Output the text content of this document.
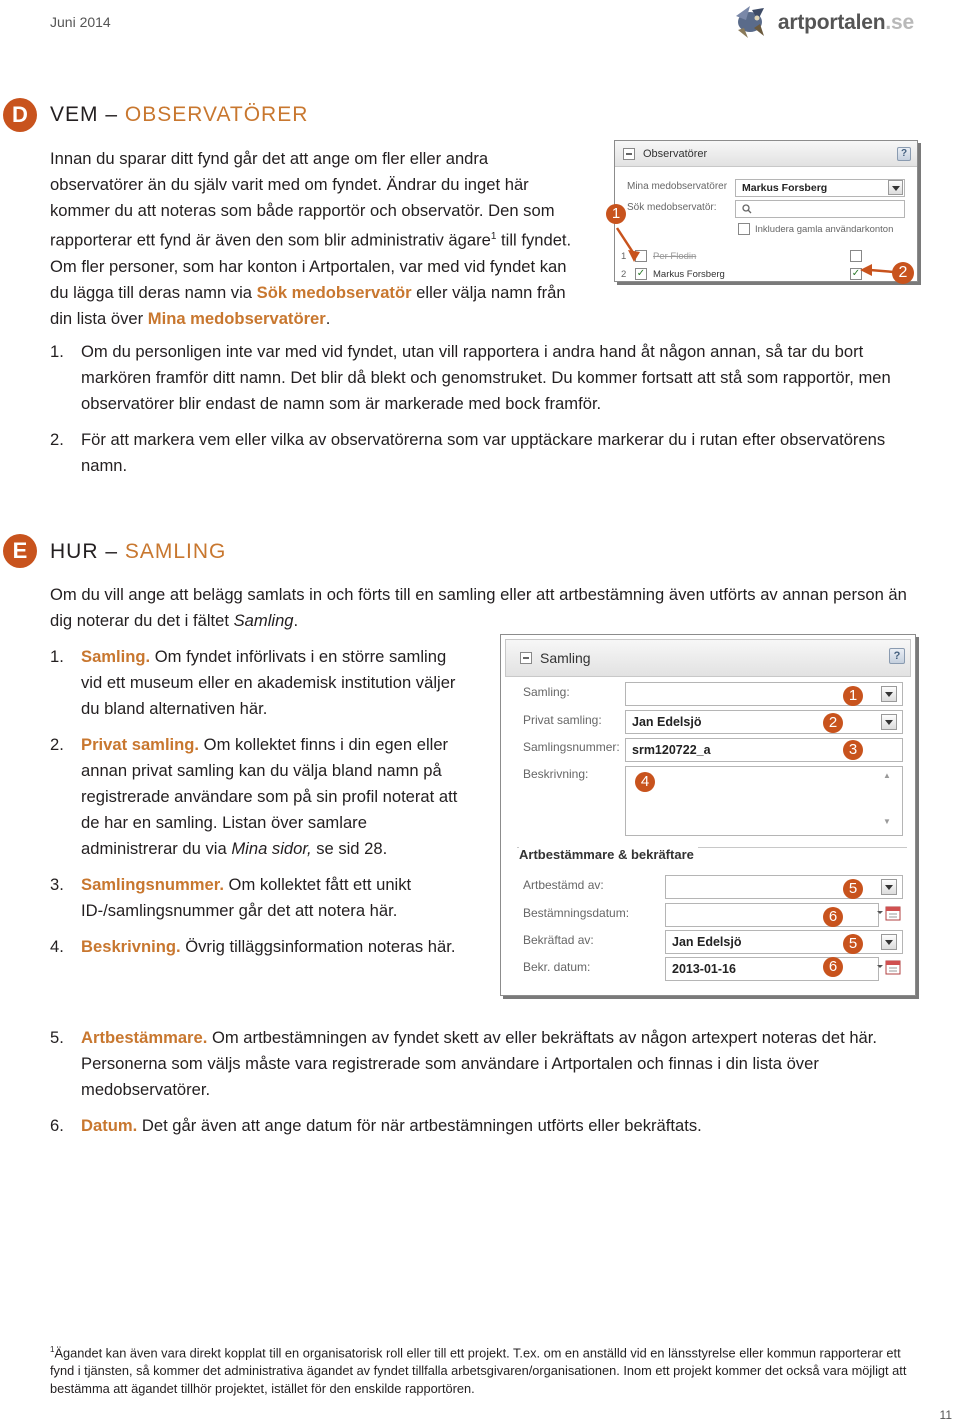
Juni 2014	artportalen.se
D	VEM – OBSERVATÖRER
Innan du sparar ditt fynd går det att ange om fler eller andra observatörer än du själv varit med om fyndet. Ändrar du inget här kommer du att noteras som både rapportör och observatör. Den som rapporterar ett fynd är även den som blir administrativ ägare$^1$ till fyndet. Om fler personer, som har konton i Artportalen, var med vid fyndet kan du lägga till deras namn via Sök medobservatör eller välja namn från din lista över Mina medobservatörer.
Observatörer	?
Mina medobservatörer Markus Forsberg
Sök medobservatör:
Inkludera gamla användarkonton
1	Per Flodin
2 ✓ Markus Forsberg	✓
1
2
1.	Om du personligen inte var med vid fyndet, utan vill rapportera i andra hand åt någon annan, så tar du bort markören framför ditt namn. Det blir då blekt och genomstruket. Du kommer fortsatt att stå som rapportör, men observatörer blir endast de namn som är markerade med bock framför.
2.	För att markera vem eller vilka av observatörerna som var upptäckare markerar du i rutan efter observatörens namn.
E	HUR – SAMLING
Om du vill ange att belägg samlats in och förts till en samling eller att artbestämning även utförts av annan person än dig noterar du det i fältet Samling.
1.	Samling. Om fyndet införlivats i en större samling vid ett museum eller en akademisk institution väljer du bland alternativen här.
2.	Privat samling. Om kollektet finns i din egen eller annan privat samling kan du välja bland namn på registrerade användare som på sin profil noterat att de har en samling. Listan över samlare administrerar du via Mina sidor, se sid 28.
3.	Samlingsnummer. Om kollektet fått ett unikt ID-/samlingsnummer går det att notera här.
4.	Beskrivning. Övrig tilläggsinformation noteras här.
Samling	?
Samling:
Privat samling: Jan Edelsjö
Samlingsnummer: srm120722_a
Beskrivning:	▲
▼
Artbestämmare & bekräftare
Artbestämd av:
Bestämningsdatum:
Bekräftad av:	Jan Edelsjö
Bekr. datum:	2013-01-16
1
2
3
4
5
6
5
6
5.	Artbestämmare. Om artbestämningen av fyndet skett av eller bekräftats av någon artexpert noteras det här. Personerna som väljs måste vara registrerade som användare i Artportalen och finnas i din lista över medobservatörer.
6.	Datum. Det går även att ange datum för när artbestämningen utförts eller bekräftats.
$^1$Ägandet kan även vara direkt kopplat till en organisatorisk roll eller till ett projekt. T.ex. om en anställd vid en länsstyrelse eller kommun rapporterar ett fynd i tjänsten, så kommer det administrativa ägandet av fyndet tillfalla arbetsgivaren/organisationen. Inom ett projekt kommer det också vara möjligt att bestämma att ägandet tillhör projektet, istället för den enskilde rapportören.
11
